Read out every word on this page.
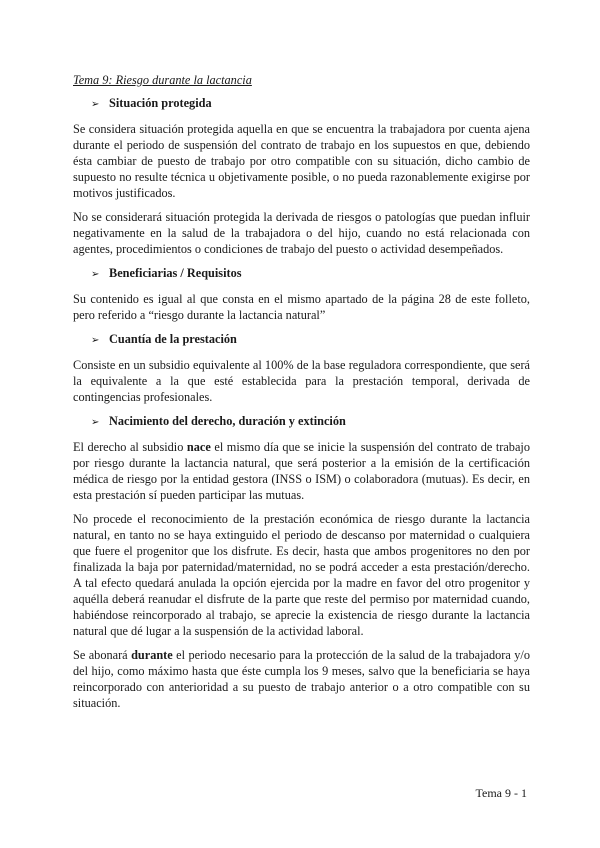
Tema 9: Riesgo durante la lactancia

➢ Situación protegida

Se considera situación protegida aquella en que se encuentra la trabajadora por cuenta ajena durante el periodo de suspensión del contrato de trabajo en los supuestos en que, debiendo ésta cambiar de puesto de trabajo por otro compatible con su situación, dicho cambio de supuesto no resulte técnica u objetivamente posible, o no pueda razonablemente exigirse por motivos justificados.

No se considerará situación protegida la derivada de riesgos o patologías que puedan influir negativamente en la salud de la trabajadora o del hijo, cuando no está relacionada con agentes, procedimientos o condiciones de trabajo del puesto o actividad desempeñados.

➢ Beneficiarias / Requisitos

Su contenido es igual al que consta en el mismo apartado de la página 28 de este folleto, pero referido a “riesgo durante la lactancia natural”

➢ Cuantía de la prestación

Consiste en un subsidio equivalente al 100% de la base reguladora correspondiente, que será la equivalente a la que esté establecida para la prestación temporal, derivada de contingencias profesionales.

➢ Nacimiento del derecho, duración y extinción

El derecho al subsidio nace el mismo día que se inicie la suspensión del contrato de trabajo por riesgo durante la lactancia natural, que será posterior a la emisión de la certificación médica de riesgo por la entidad gestora (INSS o ISM) o colaboradora (mutuas). Es decir, en esta prestación sí pueden participar las mutuas.

No procede el reconocimiento de la prestación económica de riesgo durante la lactancia natural, en tanto no se haya extinguido el periodo de descanso por maternidad o cualquiera que fuere el progenitor que los disfrute. Es decir, hasta que ambos progenitores no den por finalizada la baja por paternidad/maternidad, no se podrá acceder a esta prestación/derecho. A tal efecto quedará anulada la opción ejercida por la madre en favor del otro progenitor y aquélla deberá reanudar el disfrute de la parte que reste del permiso por maternidad cuando, habiéndose reincorporado al trabajo, se aprecie la existencia de riesgo durante la lactancia natural que dé lugar a la suspensión de la actividad laboral.

Se abonará durante el periodo necesario para la protección de la salud de la trabajadora y/o del hijo, como máximo hasta que éste cumpla los 9 meses, salvo que la beneficiaria se haya reincorporado con anterioridad a su puesto de trabajo anterior o a otro compatible con su situación.

Tema 9 - 1
